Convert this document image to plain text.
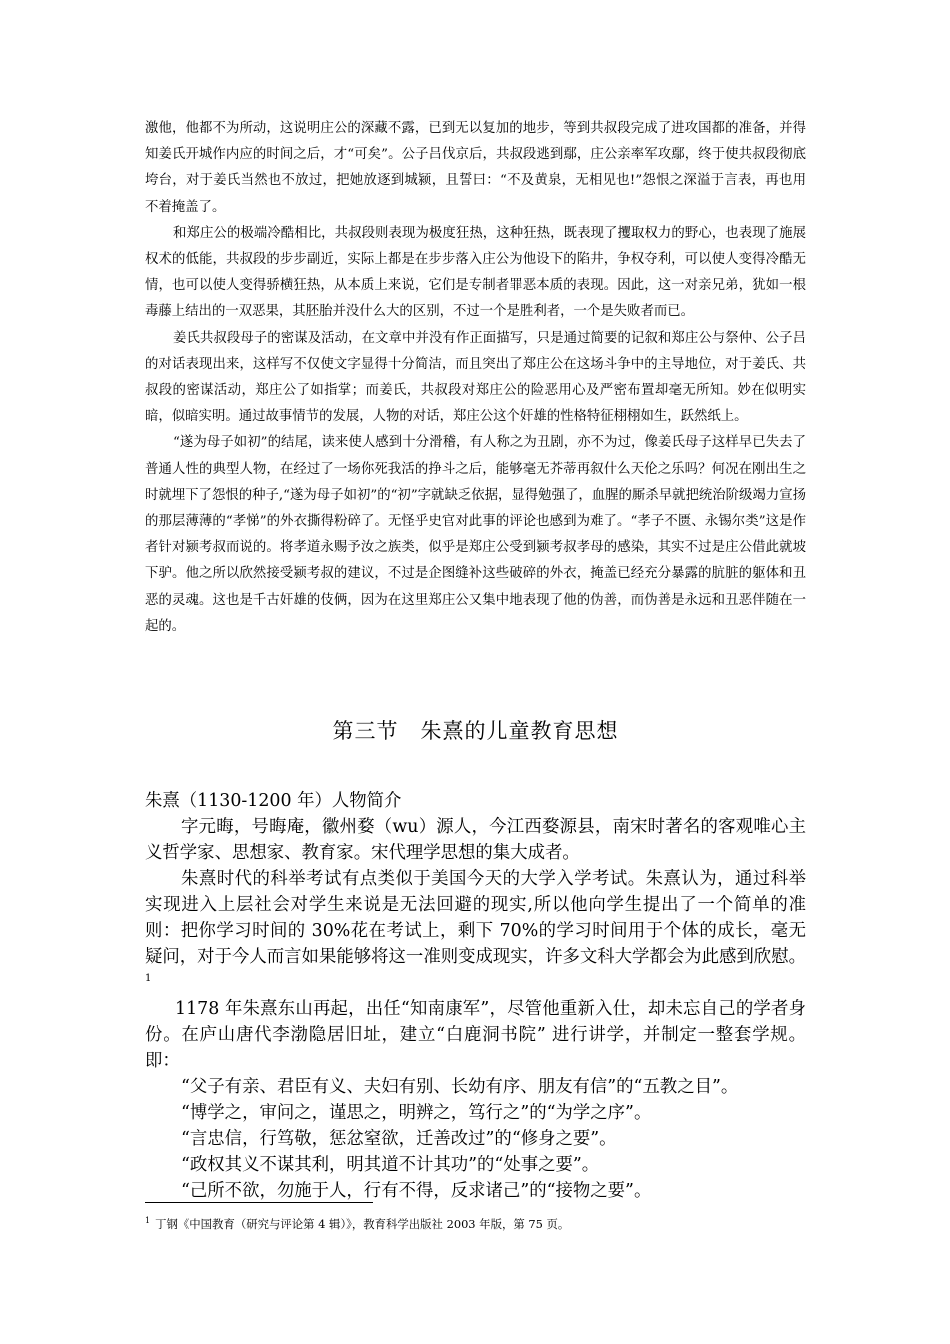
激他，他都不为所动，这说明庄公的深藏不露，已到无以复加的地步，等到共叔段完成了进攻国都的准备，并得知姜氏开城作内应的时间之后，才“可矣”。公子吕伐京后，共叔段逃到鄢，庄公亲率军攻鄢，终于使共叔段彻底垮台，对于姜氏当然也不放过，把她放逐到城颍，且誓曰：“不及黄泉，无相见也!”怨恨之深溢于言表，再也用不着掩盖了。

和郑庄公的极端冷酷相比，共叔段则表现为极度狂热，这种狂热，既表现了攫取权力的野心，也表现了施展权术的低能，共叔段的步步副近，实际上都是在步步落入庄公为他设下的陷井，争权夺利，可以使人变得冷酷无情，也可以使人变得骄横狂热，从本质上来说，它们是专制者罪恶本质的表现。因此，这一对亲兄弟，犹如一根毒藤上结出的一双恶果，其胚胎并没什么大的区别，不过一个是胜利者，一个是失败者而已。

姜氏共叔段母子的密谋及活动，在文章中并没有作正面描写，只是通过简要的记叙和郑庄公与祭仲、公子吕的对话表现出来，这样写不仅使文字显得十分简洁，而且突出了郑庄公在这场斗争中的主导地位，对于姜氏、共叔段的密谋活动，郑庄公了如指掌；而姜氏，共叔段对郑庄公的险恶用心及严密布置却毫无所知。妙在似明实暗，似暗实明。通过故事情节的发展，人物的对话，郑庄公这个奸雄的性格特征栩栩如生，跃然纸上。

“遂为母子如初”的结尾，读来使人感到十分滑稽，有人称之为丑剧，亦不为过，像姜氏母子这样早已失去了普通人性的典型人物，在经过了一场你死我活的挣斗之后，能够毫无芥蒂再叙什么天伦之乐吗？何况在刚出生之时就埋下了怨恨的种子,“遂为母子如初”的“初”字就缺乏依据，显得勉强了，血腥的厮杀早就把统治阶级竭力宣扬的那层薄薄的“孝悌”的外衣撕得粉碎了。无怪乎史官对此事的评论也感到为难了。“孝子不匮、永锡尔类”这是作者针对颍考叔而说的。将孝道永赐予汝之族类，似乎是郑庄公受到颍考叔孝母的感染，其实不过是庄公借此就坡下驴。他之所以欣然接受颍考叔的建议，不过是企图缝补这些破碎的外衣，掩盖已经充分暴露的肮脏的躯体和丑恶的灵魂。这也是千古奸雄的伎俩，因为在这里郑庄公又集中地表现了他的伪善，而伪善是永远和丑恶伴随在一起的。

第三节　朱熹的儿童教育思想

朱熹（1130-1200 年）人物简介

字元晦，号晦庵，徽州婺（wu）源人，今江西婺源县，南宋时著名的客观唯心主义哲学家、思想家、教育家。宋代理学思想的集大成者。

朱熹时代的科举考试有点类似于美国今天的大学入学考试。朱熹认为，通过科举实现进入上层社会对学生来说是无法回避的现实,所以他向学生提出了一个简单的准则：把你学习时间的 30%花在考试上，剩下 70%的学习时间用于个体的成长，毫无疑问，对于今人而言如果能够将这一准则变成现实，许多文科大学都会为此感到欣慰。$^1$

1178 年朱熹东山再起，出任“知南康军”，尽管他重新入仕，却未忘自己的学者身份。在庐山唐代李渤隐居旧址，建立“白鹿洞书院” 进行讲学，并制定一整套学规。即：

“父子有亲、君臣有义、夫妇有别、长幼有序、朋友有信”的“五教之目”。

“博学之，审问之，谨思之，明辨之，笃行之”的“为学之序”。

“言忠信，行笃敬，惩忿窒欲，迁善改过”的“修身之要”。

“政权其义不谋其利，明其道不计其功”的“处事之要”。

“己所不欲，勿施于人，行有不得，反求诸己”的“接物之要”。

$^1$ 丁钢《中国教育（研究与评论第 4 辑）》，教育科学出版社 2003 年版，第 75 页。
